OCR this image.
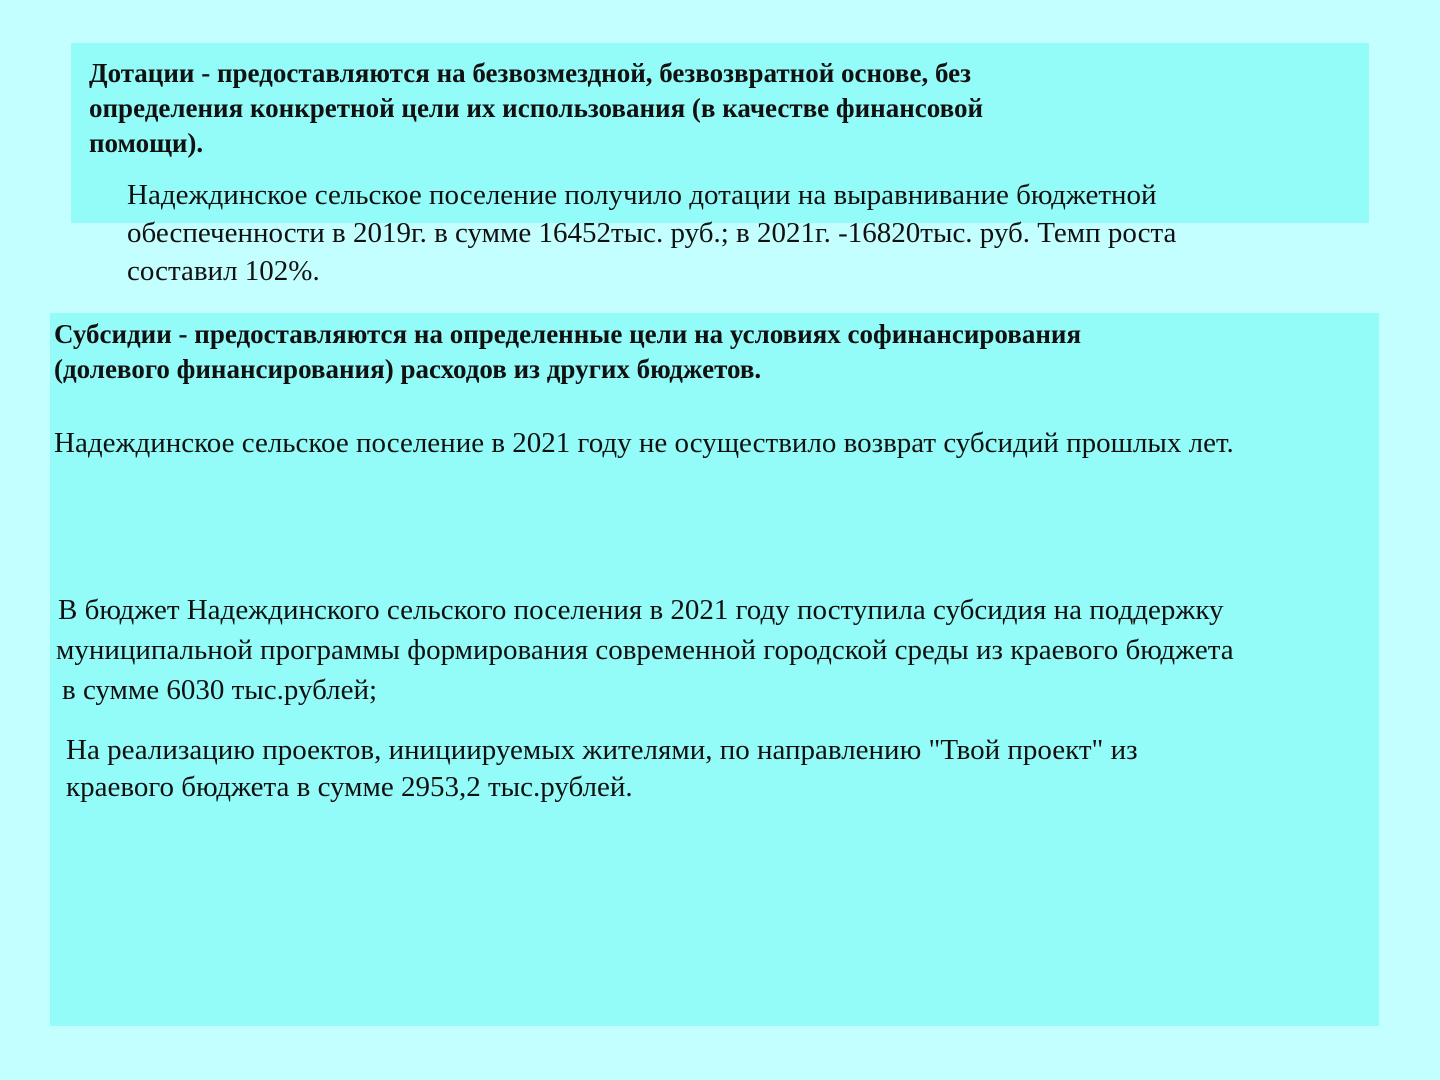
Дотации - предоставляются на безвозмездной, безвозвратной основе, без
определения конкретной цели их использования (в качестве финансовой
помощи).

Надеждинское сельское поселение получило дотации на выравнивание бюджетной
обеспеченности в 2019г. в сумме 16452тыс. руб.; в 2021г. -16820тыс. руб. Темп роста
составил 102%.

Субсидии - предоставляются на определенные цели на условиях софинансирования
(долевого финансирования) расходов из других бюджетов.

Надеждинское сельское поселение в 2021 году не осуществило возврат субсидий прошлых лет.

В бюджет Надеждинского сельского поселения в 2021 году поступила субсидия на поддержку
муниципальной программы формирования современной городской среды из краевого бюджета
в сумме 6030 тыс.рублей;

На реализацию проектов, инициируемых жителями, по направлению "Твой проект" из
краевого бюджета в сумме 2953,2 тыс.рублей.
